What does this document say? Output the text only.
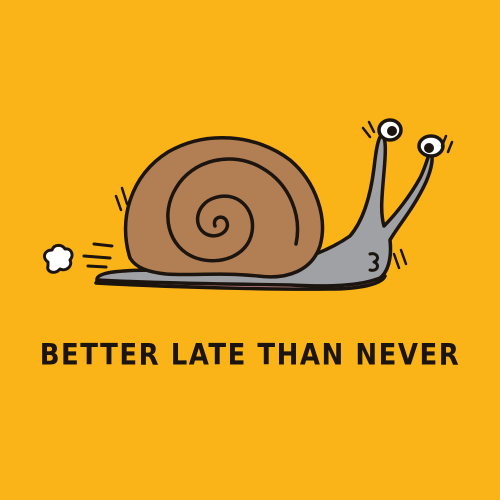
BETTER LATE THAN NEVER
